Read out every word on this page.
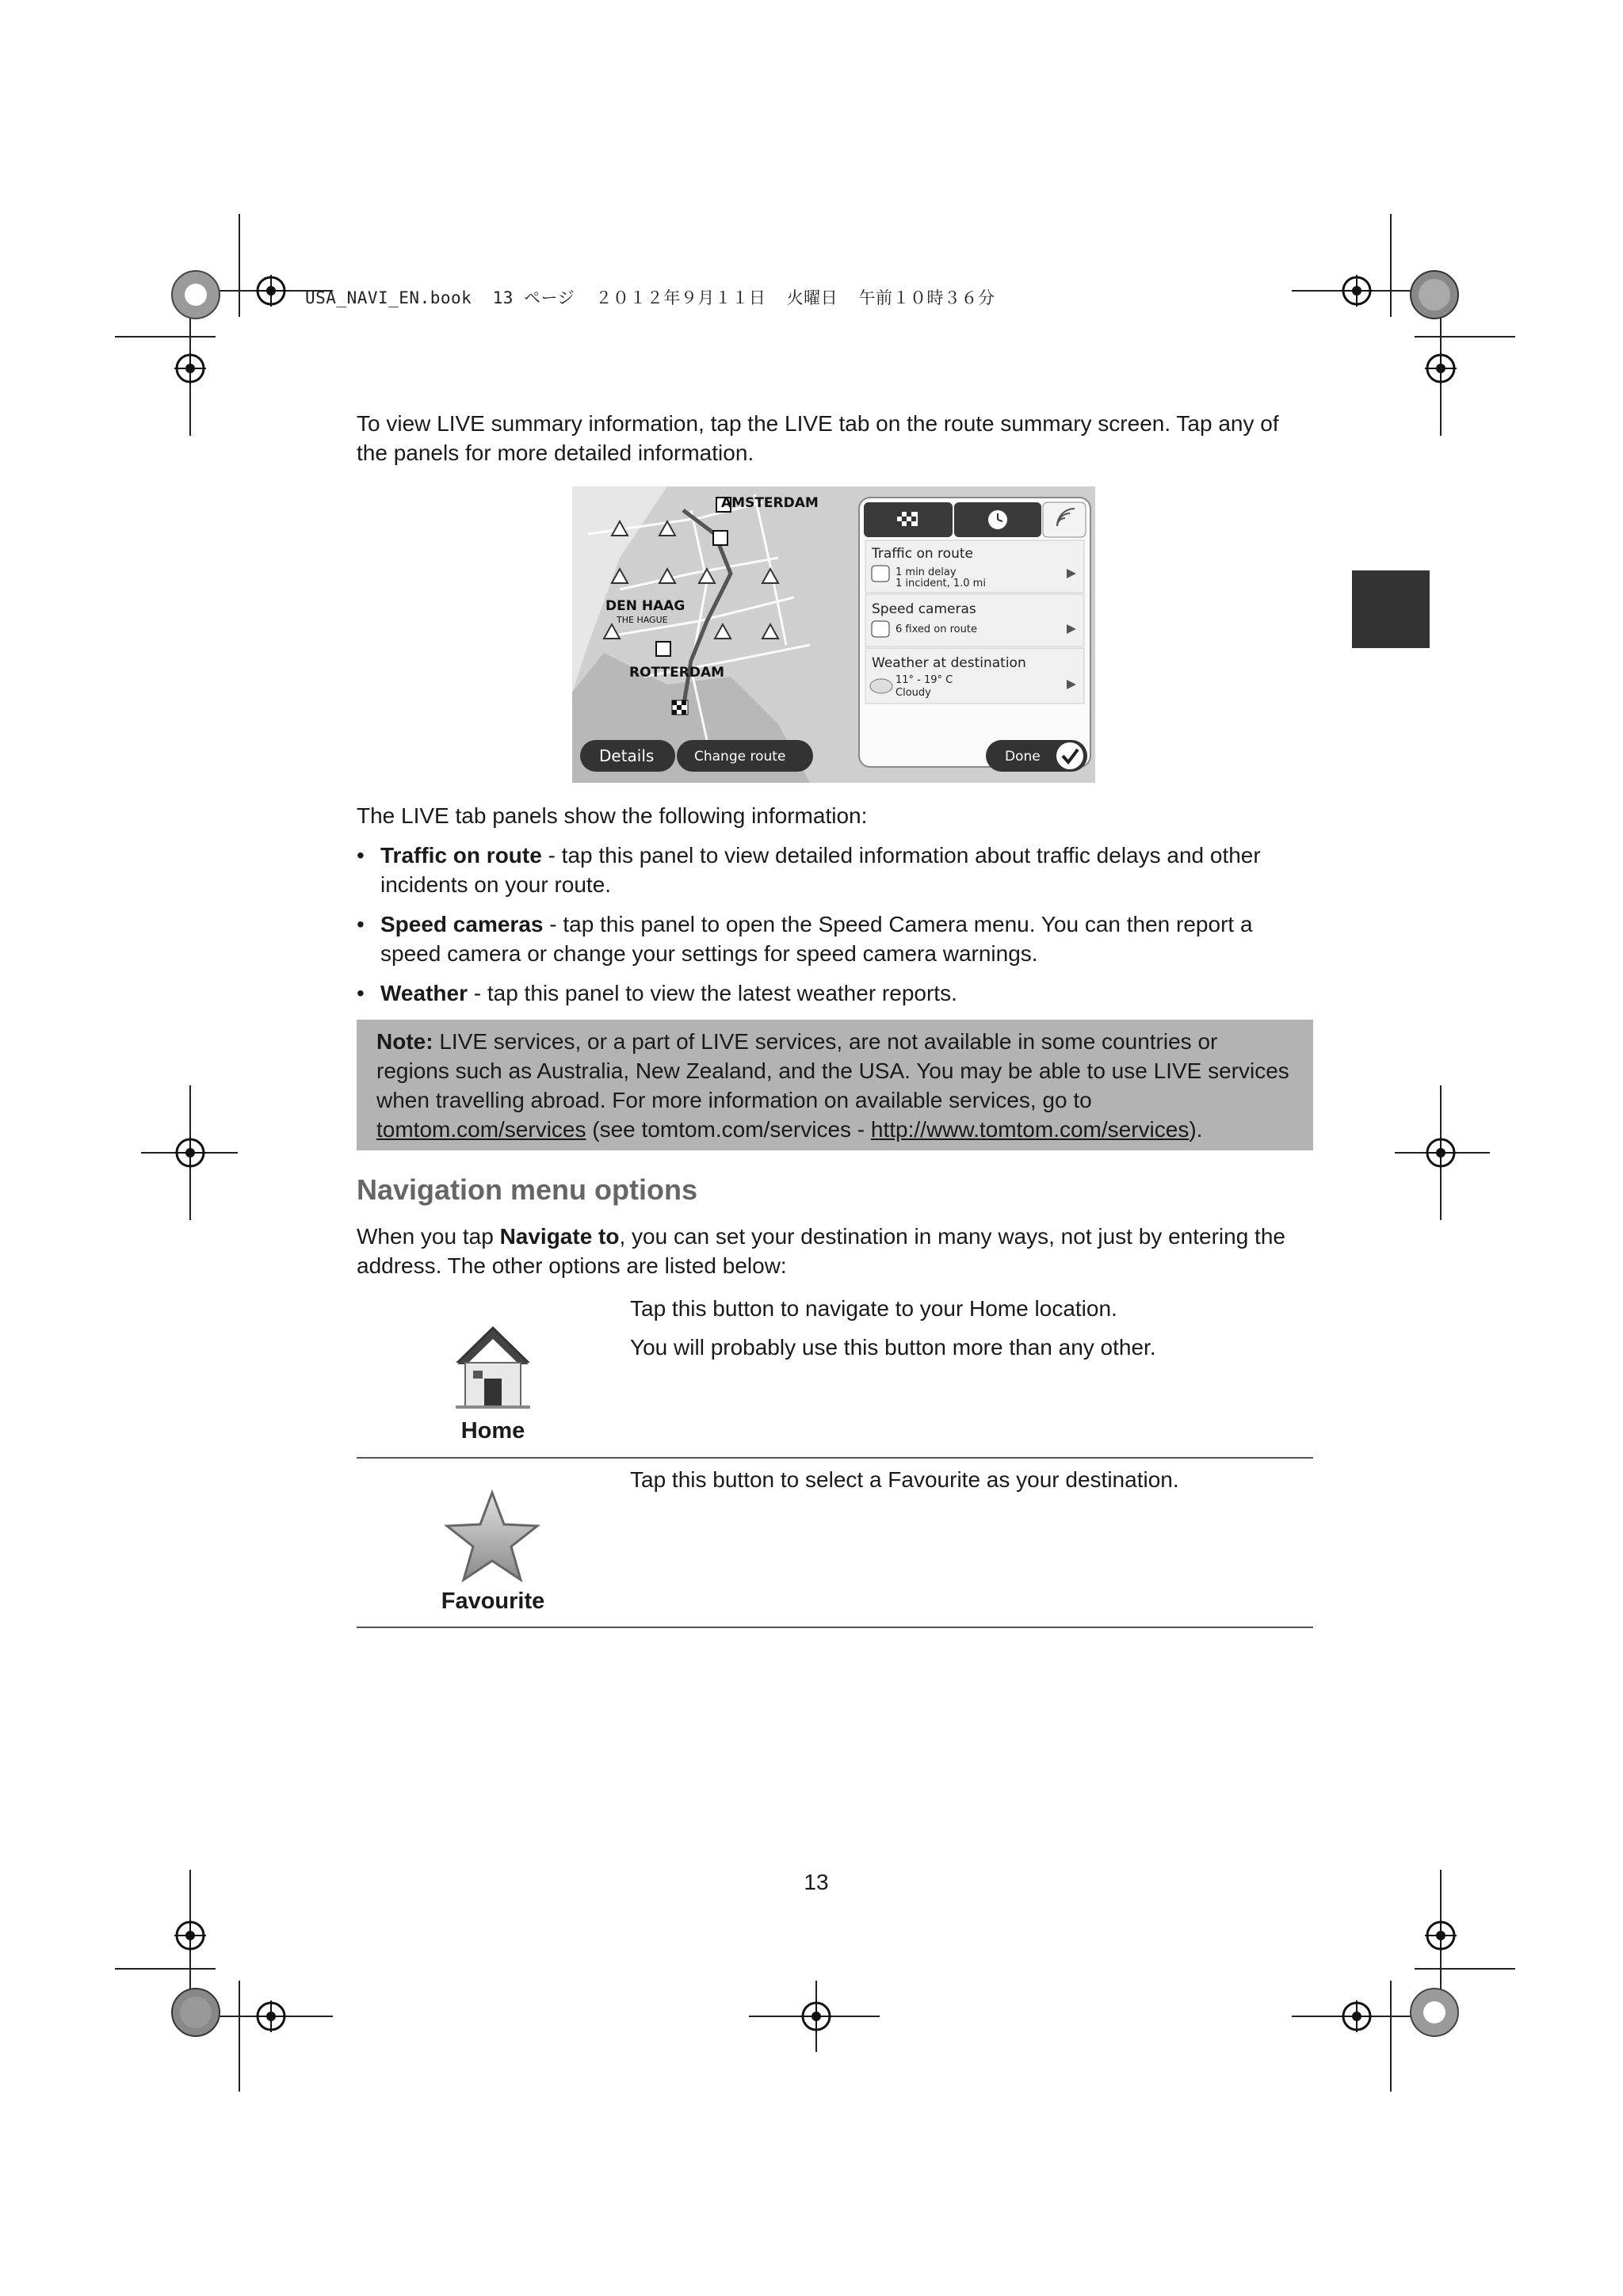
USA_NAVI_EN.book  13 ページ  ２０１２年９月１１日  火曜日  午前１０時３６分
To view LIVE summary information, tap the LIVE tab on the route summary screen. Tap any of the panels for more detailed information.
AMSTERDAM
DEN HAAG
THE HAGUE
ROTTERDAM
Traffic on route
1 min delay
1 incident, 1.0 mi
Speed cameras
6 fixed on route
Weather at destination
11° - 19° C
Cloudy
Details	Change route	Done
The LIVE tab panels show the following information:
• Traffic on route - tap this panel to view detailed information about traffic delays and other incidents on your route.
• Speed cameras - tap this panel to open the Speed Camera menu. You can then report a speed camera or change your settings for speed camera warnings.
• Weather - tap this panel to view the latest weather reports.
Note: LIVE services, or a part of LIVE services, are not available in some countries or regions such as Australia, New Zealand, and the USA. You may be able to use LIVE services when travelling abroad. For more information on available services, go to tomtom.com/services (see tomtom.com/services - http://www.tomtom.com/services).
Navigation menu options
When you tap Navigate to, you can set your destination in many ways, not just by entering the address. The other options are listed below:
Home
Tap this button to navigate to your Home location.
You will probably use this button more than any other.
Favourite
Tap this button to select a Favourite as your destination.
13
